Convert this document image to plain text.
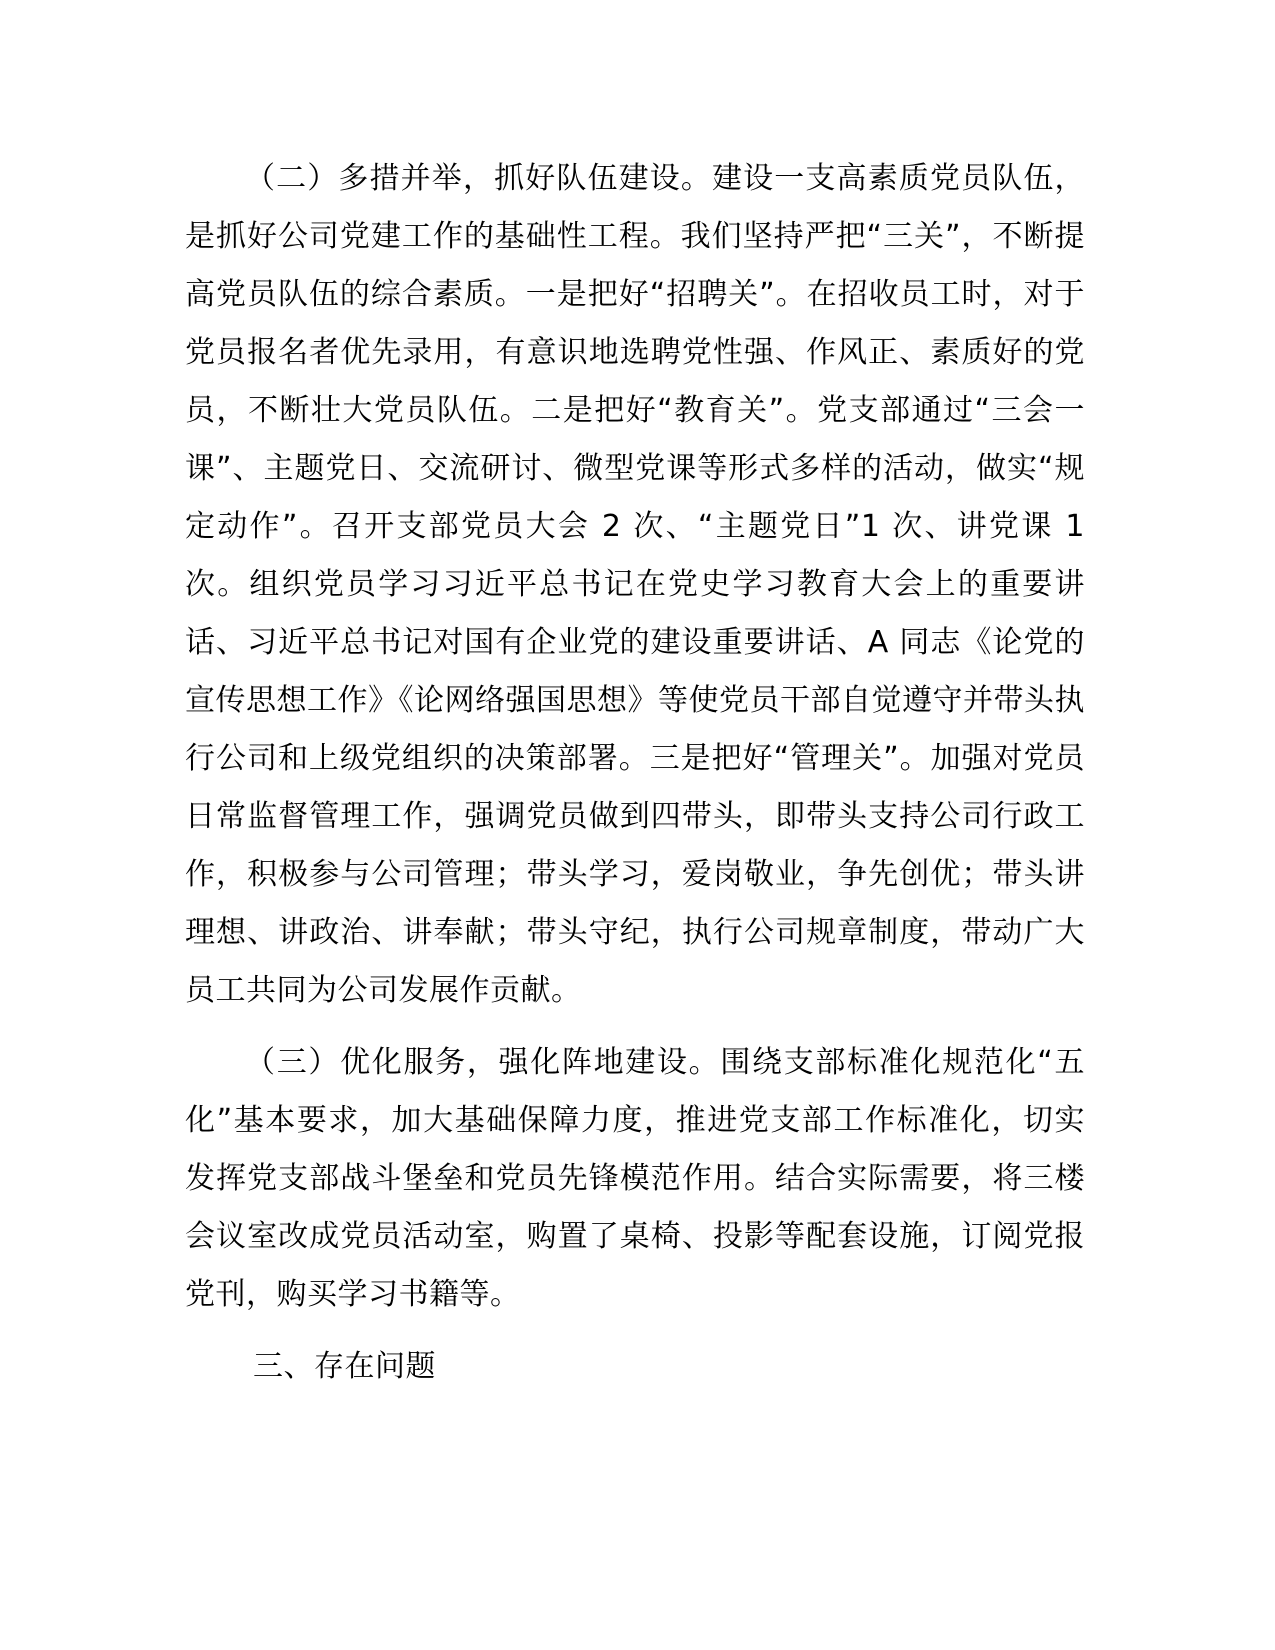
（二）多措并举，抓好队伍建设。建设一支高素质党员队伍，是抓好公司党建工作的基础性工程。我们坚持严把“三关”，不断提高党员队伍的综合素质。一是把好“招聘关”。在招收员工时，对于党员报名者优先录用，有意识地选聘党性强、作风正、素质好的党员，不断壮大党员队伍。二是把好“教育关”。党支部通过“三会一课”、主题党日、交流研讨、微型党课等形式多样的活动，做实“规定动作”。召开支部党员大会 2 次、“主题党日”1 次、讲党课 1 次。组织党员学习习近平总书记在党史学习教育大会上的重要讲话、习近平总书记对国有企业党的建设重要讲话、A 同志《论党的宣传思想工作》《论网络强国思想》等使党员干部自觉遵守并带头执行公司和上级党组织的决策部署。三是把好“管理关”。加强对党员日常监督管理工作，强调党员做到四带头，即带头支持公司行政工作，积极参与公司管理；带头学习，爱岗敬业，争先创优；带头讲理想、讲政治、讲奉献；带头守纪，执行公司规章制度，带动广大员工共同为公司发展作贡献。

（三）优化服务，强化阵地建设。围绕支部标准化规范化“五化”基本要求，加大基础保障力度，推进党支部工作标准化，切实发挥党支部战斗堡垒和党员先锋模范作用。结合实际需要，将三楼会议室改成党员活动室，购置了桌椅、投影等配套设施，订阅党报党刊，购买学习书籍等。

三、存在问题
